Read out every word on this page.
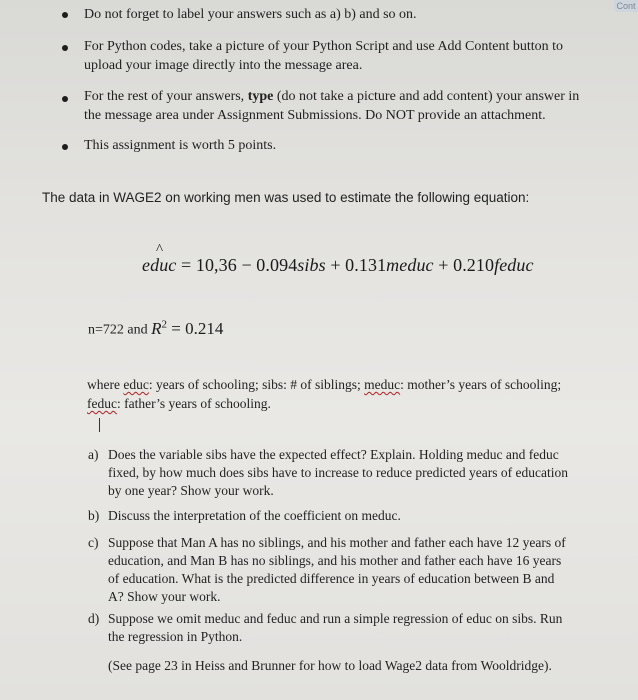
Cont
Do not forget to label your answers such as a) b) and so on.
For Python codes, take a picture of your Python Script and use Add Content button to upload your image directly into the message area.
For the rest of your answers, type (do not take a picture and add content) your answer in the message area under Assignment Submissions. Do NOT provide an attachment.
This assignment is worth 5 points.
The data in WAGE2 on working men was used to estimate the following equation:
educ
^
= 10,36 − 0.094sibs + 0.131meduc + 0.210feduc
n=722 and $R^2 = 0.214$
where educ: years of schooling; sibs: # of siblings; meduc: mother’s years of schooling;
feduc: father’s years of schooling.
a) Does the variable sibs have the expected effect? Explain. Holding meduc and feduc fixed, by how much does sibs have to increase to reduce predicted years of education by one year? Show your work.
b) Discuss the interpretation of the coefficient on meduc.
c) Suppose that Man A has no siblings, and his mother and father each have 12 years of education, and Man B has no siblings, and his mother and father each have 16 years of education. What is the predicted difference in years of education between B and A? Show your work.
d) Suppose we omit meduc and feduc and run a simple regression of educ on sibs. Run the regression in Python.
(See page 23 in Heiss and Brunner for how to load Wage2 data from Wooldridge).
